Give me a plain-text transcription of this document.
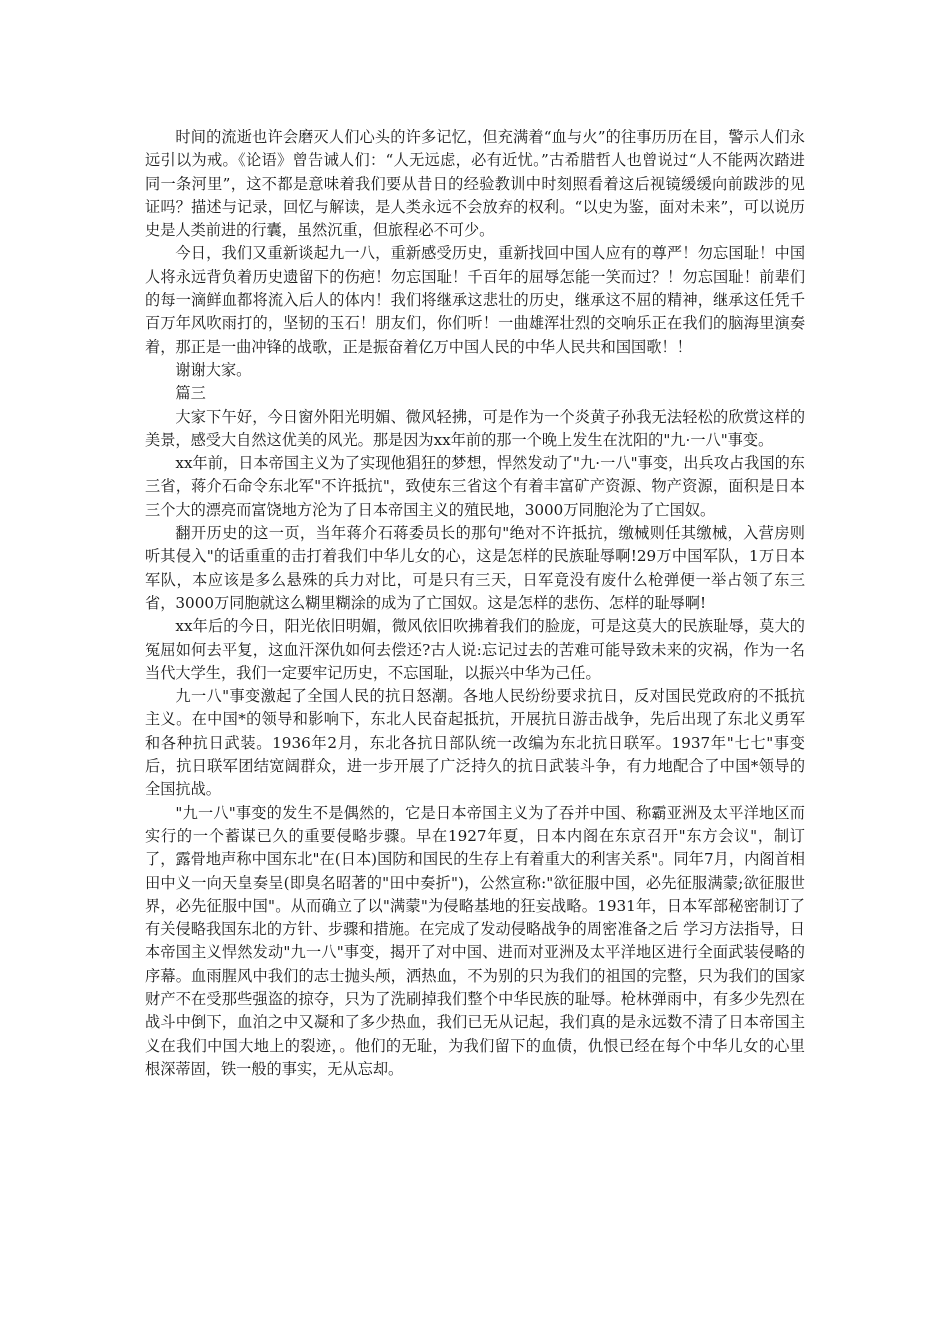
时间的流逝也许会磨灭人们心头的许多记忆，但充满着“血与火”的往事历历在目，警示人们永远引以为戒。《论语》曾告诫人们：“人无远虑，必有近忧。”古希腊哲人也曾说过“人不能两次踏进同一条河里”，这不都是意味着我们要从昔日的经验教训中时刻照看着这后视镜缓缓向前跋涉的见证吗？描述与记录，回忆与解读，是人类永远不会放弃的权利。“以史为鉴，面对未来”，可以说历史是人类前进的行囊，虽然沉重，但旅程必不可少。

今日，我们又重新谈起九一八，重新感受历史，重新找回中国人应有的尊严！勿忘国耻！中国人将永远背负着历史遗留下的伤疤！勿忘国耻！千百年的屈辱怎能一笑而过？！勿忘国耻！前辈们的每一滴鲜血都将流入后人的体内！我们将继承这悲壮的历史，继承这不屈的精神，继承这任凭千百万年风吹雨打的，坚韧的玉石！朋友们，你们听！一曲雄浑壮烈的交响乐正在我们的脑海里演奏着，那正是一曲冲锋的战歌，正是振奋着亿万中国人民的中华人民共和国国歌！！

谢谢大家。

篇三

大家下午好，今日窗外阳光明媚、微风轻拂，可是作为一个炎黄子孙我无法轻松的欣赏这样的美景，感受大自然这优美的风光。那是因为xx年前的那一个晚上发生在沈阳的"九·一八"事变。

xx年前，日本帝国主义为了实现他猖狂的梦想，悍然发动了"九·一八"事变，出兵攻占我国的东三省，蒋介石命令东北军"不许抵抗"，致使东三省这个有着丰富矿产资源、物产资源，面积是日本三个大的漂亮而富饶地方沦为了日本帝国主义的殖民地，3000万同胞沦为了亡国奴。

翻开历史的这一页，当年蒋介石蒋委员长的那句"绝对不许抵抗，缴械则任其缴械，入营房则听其侵入"的话重重的击打着我们中华儿女的心，这是怎样的民族耻辱啊!29万中国军队，1万日本军队，本应该是多么悬殊的兵力对比，可是只有三天，日军竟没有废什么枪弹便一举占领了东三省，3000万同胞就这么糊里糊涂的成为了亡国奴。这是怎样的悲伤、怎样的耻辱啊!

xx年后的今日，阳光依旧明媚，微风依旧吹拂着我们的脸庞，可是这莫大的民族耻辱，莫大的冤屈如何去平复，这血汗深仇如何去偿还?古人说:忘记过去的苦难可能导致未来的灾祸，作为一名当代大学生，我们一定要牢记历史，不忘国耻，以振兴中华为己任。

九一八"事变激起了全国人民的抗日怒潮。各地人民纷纷要求抗日，反对国民党政府的不抵抗主义。在中国*的领导和影响下，东北人民奋起抵抗，开展抗日游击战争，先后出现了东北义勇军和各种抗日武装。1936年2月，东北各抗日部队统一改编为东北抗日联军。1937年"七七"事变后，抗日联军团结宽阔群众，进一步开展了广泛持久的抗日武装斗争，有力地配合了中国*领导的全国抗战。

"九一八"事变的发生不是偶然的，它是日本帝国主义为了吞并中国、称霸亚洲及太平洋地区而实行的一个蓄谋已久的重要侵略步骤。早在1927年夏，日本内阁在东京召开"东方会议"，制订了，露骨地声称中国东北"在(日本)国防和国民的生存上有着重大的利害关系"。同年7月，内阁首相田中义一向天皇奏呈(即臭名昭著的"田中奏折")，公然宣称:"欲征服中国，必先征服满蒙;欲征服世界，必先征服中国"。从而确立了以"满蒙"为侵略基地的狂妄战略。1931年，日本军部秘密制订了有关侵略我国东北的方针、步骤和措施。在完成了发动侵略战争的周密准备之后 学习方法指导，日本帝国主义悍然发动"九一八"事变，揭开了对中国、进而对亚洲及太平洋地区进行全面武装侵略的序幕。血雨腥风中我们的志士抛头颅，洒热血，不为别的只为我们的祖国的完整，只为我们的国家财产不在受那些强盗的掠夺，只为了洗刷掉我们整个中华民族的耻辱。枪林弹雨中，有多少先烈在战斗中倒下，血泊之中又凝和了多少热血，我们已无从记起，我们真的是永远数不清了日本帝国主义在我们中国大地上的裂迹，。他们的无耻，为我们留下的血债，仇恨已经在每个中华儿女的心里根深蒂固，铁一般的事实，无从忘却。
